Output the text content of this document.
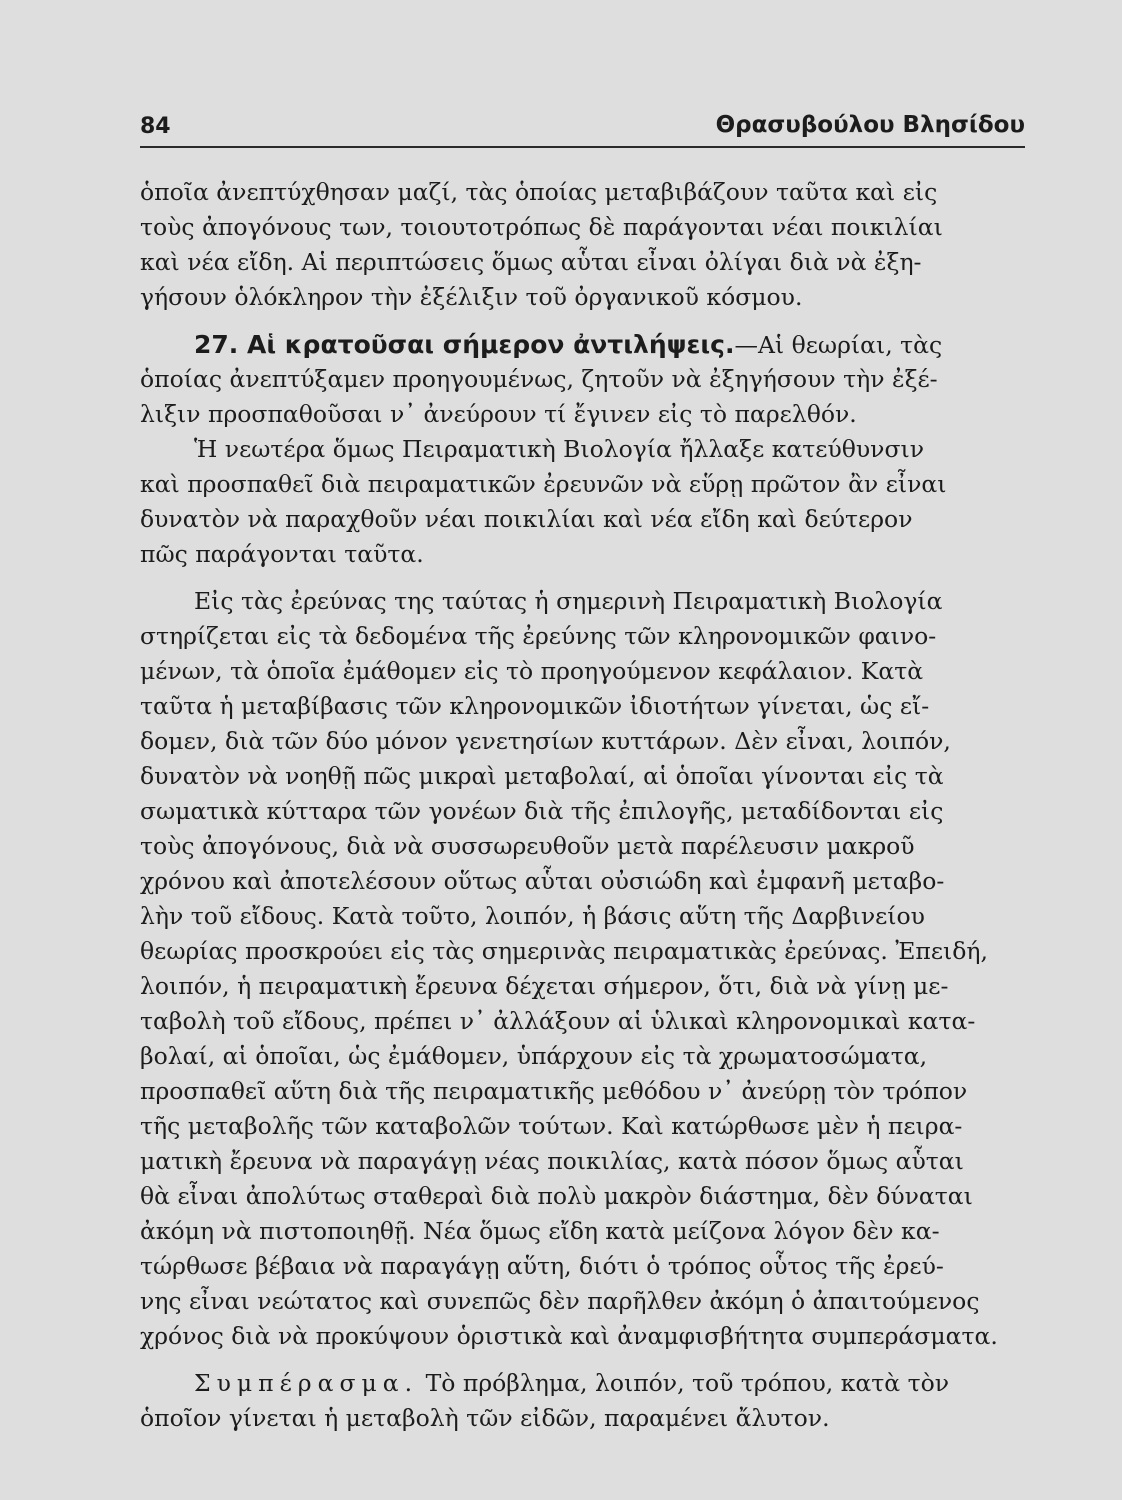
84	Θρασυβούλου Βλησίδου
ὁποῖα ἀνεπτύχθησαν μαζί, τὰς ὁποίας μεταβιβάζουν ταῦτα καὶ εἰς
τοὺς ἀπογόνους των, τοιουτοτρόπως δὲ παράγονται νέαι ποικιλίαι
καὶ νέα εἴδη. Αἱ περιπτώσεις ὅμως αὗται εἶναι ὀλίγαι διὰ νὰ ἐξη-
γήσουν ὁλόκληρον τὴν ἐξέλιξιν τοῦ ὀργανικοῦ κόσμου.
27. Αἱ κρατοῦσαι σήμερον ἀντιλήψεις.—Αἱ θεωρίαι, τὰς
ὁποίας ἀνεπτύξαμεν προηγουμένως, ζητοῦν νὰ ἐξηγήσουν τὴν ἐξέ-
λιξιν προσπαθοῦσαι ν᾽ ἀνεύρουν τί ἔγινεν εἰς τὸ παρελθόν.
Ἡ νεωτέρα ὅμως Πειραματικὴ Βιολογία ἤλλαξε κατεύθυνσιν
καὶ προσπαθεῖ διὰ πειραματικῶν ἐρευνῶν νὰ εὕρῃ πρῶτον ἂν εἶναι
δυνατὸν νὰ παραχθοῦν νέαι ποικιλίαι καὶ νέα εἴδη καὶ δεύτερον
πῶς παράγονται ταῦτα.
Εἰς τὰς ἐρεύνας της ταύτας ἡ σημερινὴ Πειραματικὴ Βιολογία
στηρίζεται εἰς τὰ δεδομένα τῆς ἐρεύνης τῶν κληρονομικῶν φαινο-
μένων, τὰ ὁποῖα ἐμάθομεν εἰς τὸ προηγούμενον κεφάλαιον. Κατὰ
ταῦτα ἡ μεταβίβασις τῶν κληρονομικῶν ἰδιοτήτων γίνεται, ὡς εἴ-
δομεν, διὰ τῶν δύο μόνον γενετησίων κυττάρων. Δὲν εἶναι, λοιπόν,
δυνατὸν νὰ νοηθῇ πῶς μικραὶ μεταβολαί, αἱ ὁποῖαι γίνονται εἰς τὰ
σωματικὰ κύτταρα τῶν γονέων διὰ τῆς ἐπιλογῆς, μεταδίδονται εἰς
τοὺς ἀπογόνους, διὰ νὰ συσσωρευθοῦν μετὰ παρέλευσιν μακροῦ
χρόνου καὶ ἀποτελέσουν οὕτως αὗται οὐσιώδη καὶ ἐμφανῆ μεταβο-
λὴν τοῦ εἴδους. Κατὰ τοῦτο, λοιπόν, ἡ βάσις αὕτη τῆς Δαρβινείου
θεωρίας προσκρούει εἰς τὰς σημερινὰς πειραματικὰς ἐρεύνας. Ἐπειδή,
λοιπόν, ἡ πειραματικὴ ἔρευνα δέχεται σήμερον, ὅτι, διὰ νὰ γίνῃ με-
ταβολὴ τοῦ εἴδους, πρέπει ν᾽ ἀλλάξουν αἱ ὑλικαὶ κληρονομικαὶ κατα-
βολαί, αἱ ὁποῖαι, ὡς ἐμάθομεν, ὑπάρχουν εἰς τὰ χρωματοσώματα,
προσπαθεῖ αὕτη διὰ τῆς πειραματικῆς μεθόδου ν᾽ ἀνεύρῃ τὸν τρόπον
τῆς μεταβολῆς τῶν καταβολῶν τούτων. Καὶ κατώρθωσε μὲν ἡ πειρα-
ματικὴ ἔρευνα νὰ παραγάγῃ νέας ποικιλίας, κατὰ πόσον ὅμως αὗται
θὰ εἶναι ἀπολύτως σταθεραὶ διὰ πολὺ μακρὸν διάστημα, δὲν δύναται
ἀκόμη νὰ πιστοποιηθῇ. Νέα ὅμως εἴδη κατὰ μείζονα λόγον δὲν κα-
τώρθωσε βέβαια νὰ παραγάγῃ αὕτη, διότι ὁ τρόπος οὗτος τῆς ἐρεύ-
νης εἶναι νεώτατος καὶ συνεπῶς δὲν παρῆλθεν ἀκόμη ὁ ἀπαιτούμενος
χρόνος διὰ νὰ προκύψουν ὁριστικὰ καὶ ἀναμφισβήτητα συμπεράσματα.
Συμπέρασμα. Τὸ πρόβλημα, λοιπόν, τοῦ τρόπου, κατὰ τὸν
ὁποῖον γίνεται ἡ μεταβολὴ τῶν εἰδῶν, παραμένει ἄλυτον.
